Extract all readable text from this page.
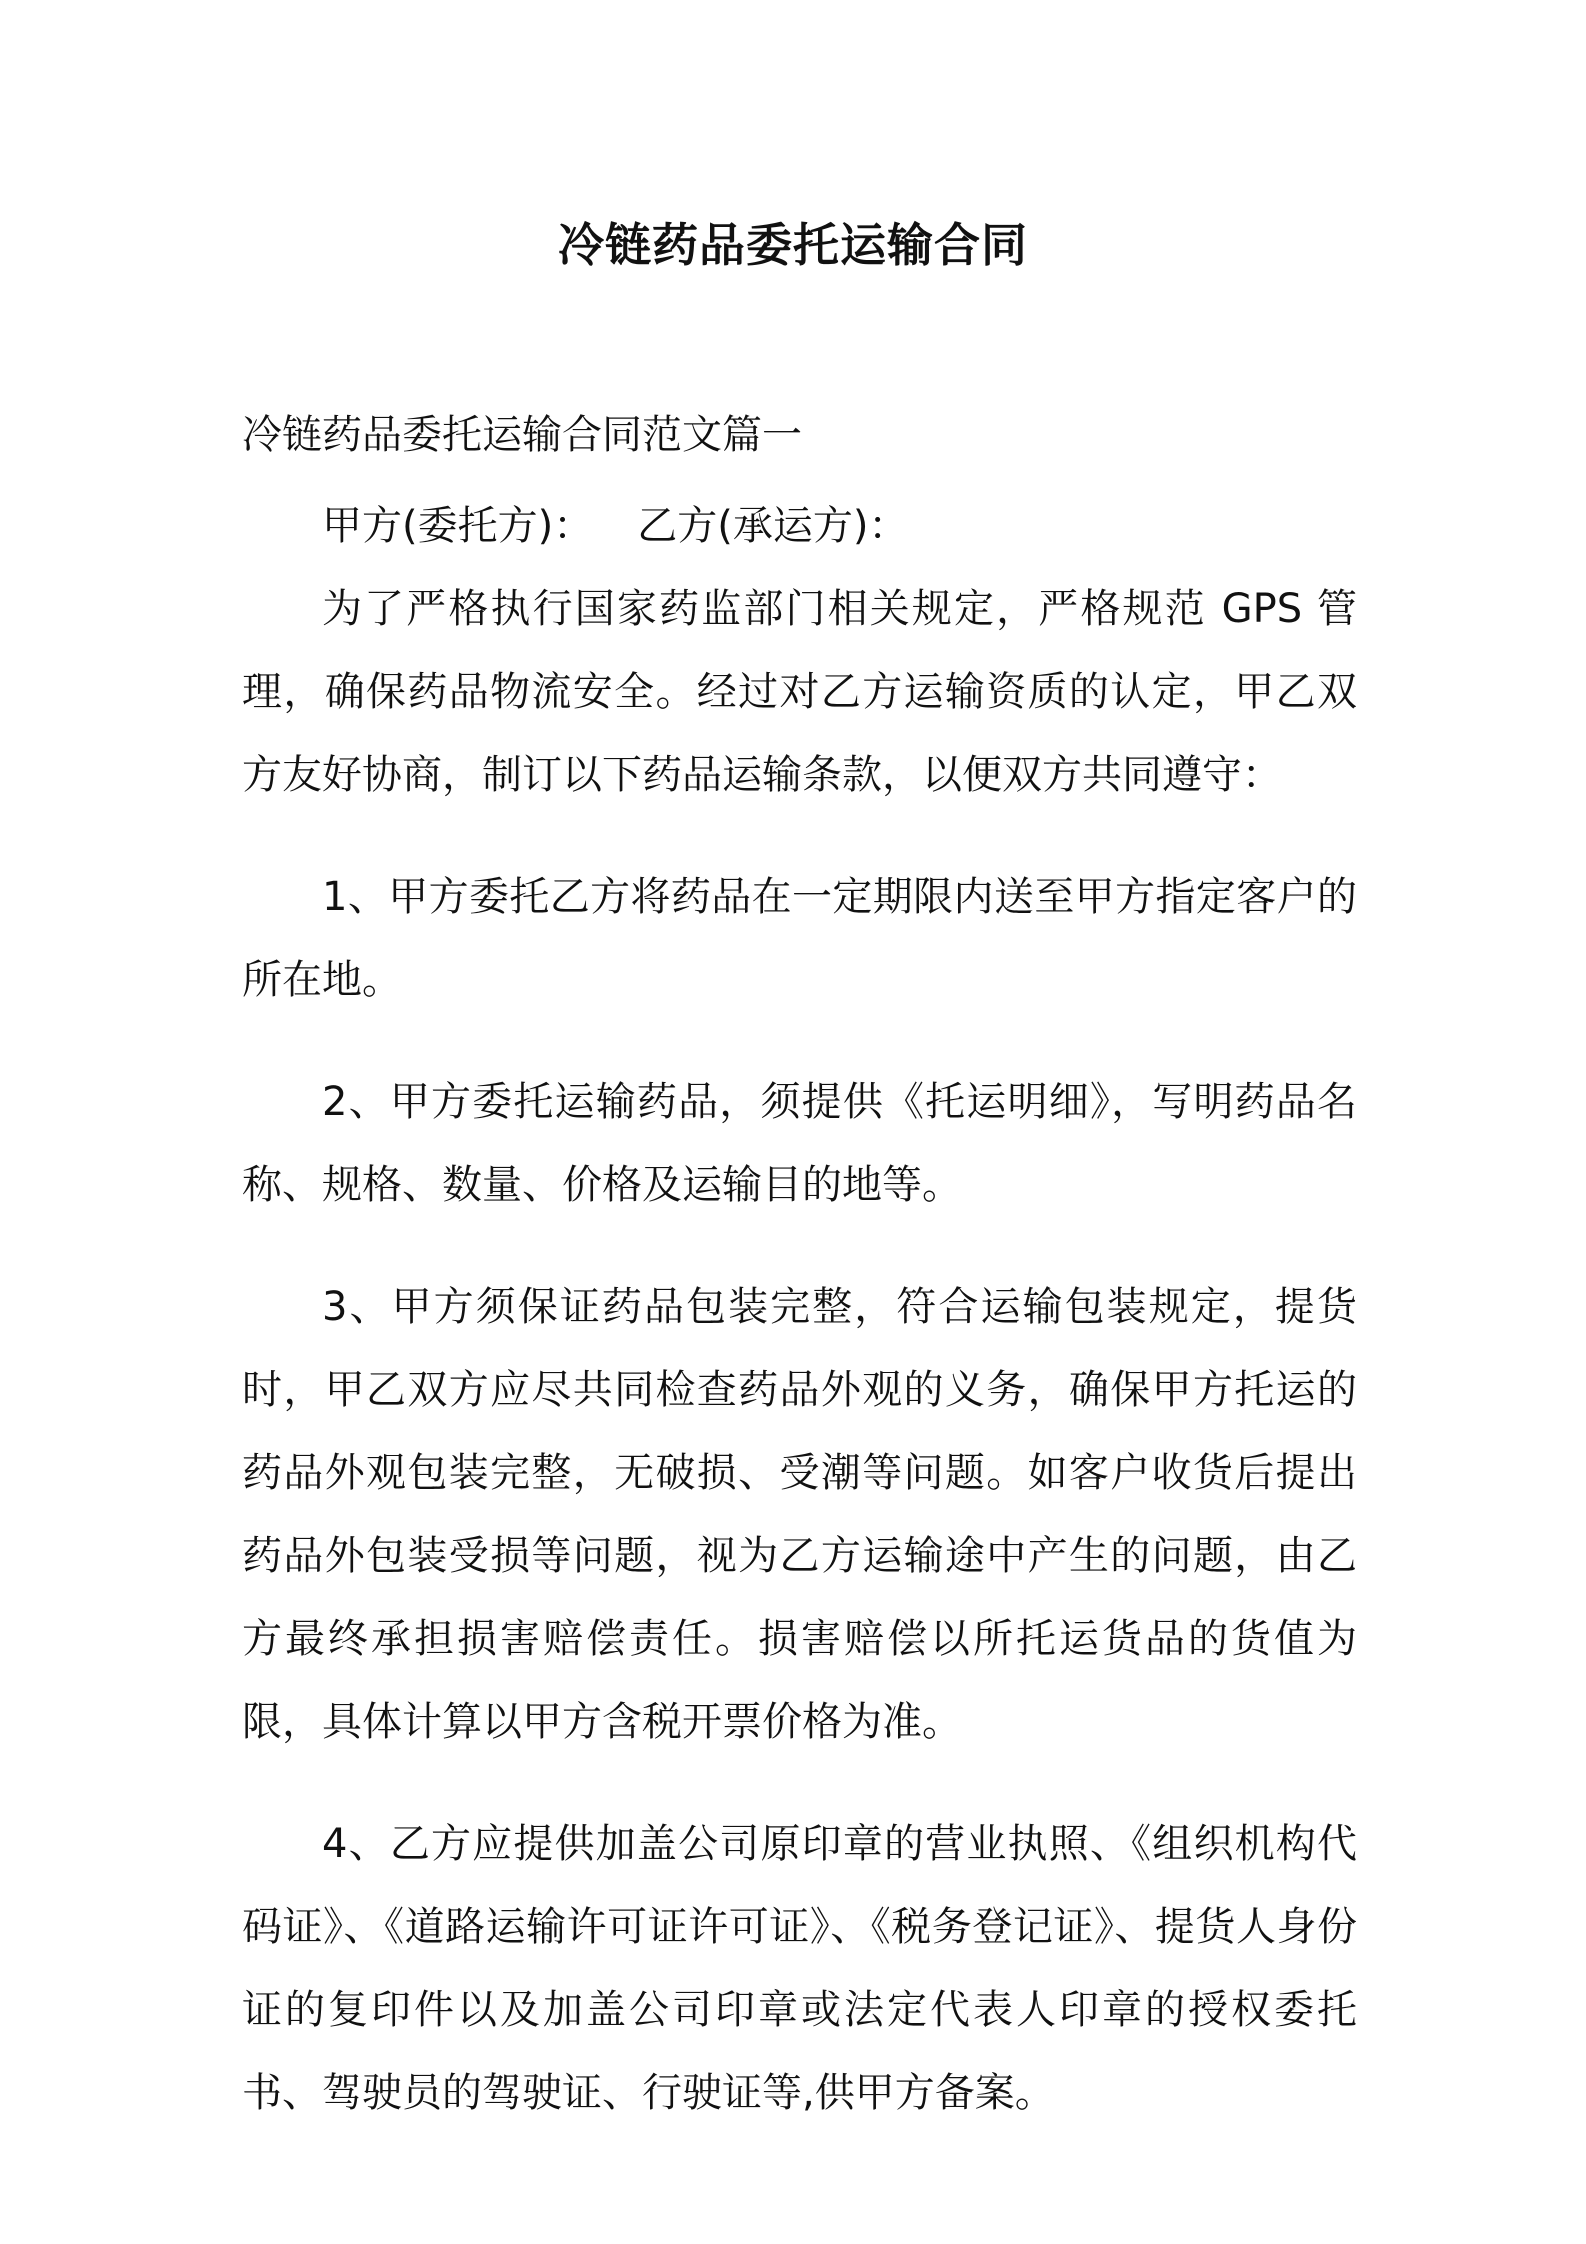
冷链药品委托运输合同
冷链药品委托运输合同范文篇一

甲方(委托方)： 乙方(承运方)：

为了严格执行国家药监部门相关规定，严格规范 GPS 管理，确保药品物流安全。经过对乙方运输资质的认定，甲乙双方友好协商，制订以下药品运输条款，以便双方共同遵守：

1、甲方委托乙方将药品在一定期限内送至甲方指定客户的所在地。

2、甲方委托运输药品，须提供《托运明细》，写明药品名称、规格、数量、价格及运输目的地等。

3、甲方须保证药品包装完整，符合运输包装规定，提货时，甲乙双方应尽共同检查药品外观的义务，确保甲方托运的药品外观包装完整，无破损、受潮等问题。如客户收货后提出药品外包装受损等问题，视为乙方运输途中产生的问题，由乙方最终承担损害赔偿责任。损害赔偿以所托运货品的货值为限，具体计算以甲方含税开票价格为准。

4、乙方应提供加盖公司原印章的营业执照、《组织机构代码证》、《道路运输许可证许可证》、《税务登记证》、提货人身份证的复印件以及加盖公司印章或法定代表人印章的授权委托书、驾驶员的驾驶证、行驶证等,供甲方备案。
